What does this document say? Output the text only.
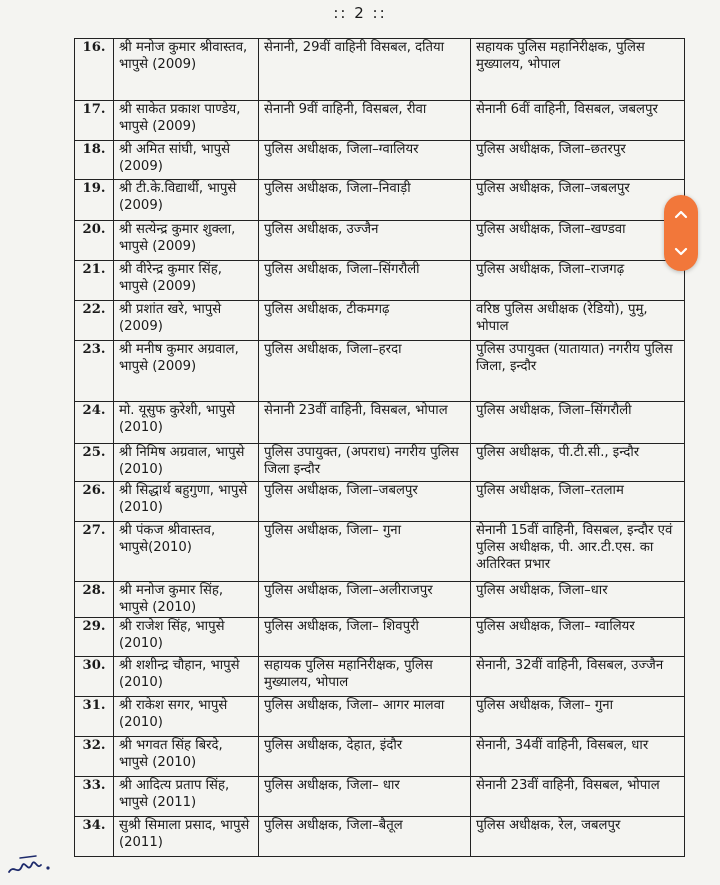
:: 2 ::
16.	श्री मनोज कुमार श्रीवास्तव, भापुसे (2009)	सेनानी, 29वीं वाहिनी विसबल, दतिया	सहायक पुलिस महानिरीक्षक, पुलिस मुख्यालय, भोपाल
17.	श्री साकेत प्रकाश पाण्डेय, भापुसे (2009)	सेनानी 9वीं वाहिनी, विसबल, रीवा	सेनानी 6वीं वाहिनी, विसबल, जबलपुर
18.	श्री अमित सांघी, भापुसे (2009)	पुलिस अधीक्षक, जिला–ग्वालियर	पुलिस अधीक्षक, जिला–छतरपुर
19.	श्री टी.के.विद्यार्थी, भापुसे (2009)	पुलिस अधीक्षक, जिला–निवाड़ी	पुलिस अधीक्षक, जिला–जबलपुर
20.	श्री सत्येन्द्र कुमार शुक्ला, भापुसे (2009)	पुलिस अधीक्षक, उज्जैन	पुलिस अधीक्षक, जिला–खण्डवा
21.	श्री वीरेन्द्र कुमार सिंह, भापुसे (2009)	पुलिस अधीक्षक, जिला–सिंगरौली	पुलिस अधीक्षक, जिला–राजगढ़
22.	श्री प्रशांत खरे, भापुसे (2009)	पुलिस अधीक्षक, टीकमगढ़	वरिष्ठ पुलिस अधीक्षक (रेडियो), पुमु, भोपाल
23.	श्री मनीष कुमार अग्रवाल, भापुसे (2009)	पुलिस अधीक्षक, जिला–हरदा	पुलिस उपायुक्त (यातायात) नगरीय पुलिस जिला, इन्दौर
24.	मो. यूसुफ कुरेशी, भापुसे (2010)	सेनानी 23वीं वाहिनी, विसबल, भोपाल	पुलिस अधीक्षक, जिला–सिंगरौली
25.	श्री निमिष अग्रवाल, भापुसे (2010)	पुलिस उपायुक्त, (अपराध) नगरीय पुलिस जिला इन्दौर	पुलिस अधीक्षक, पी.टी.सी., इन्दौर
26.	श्री सिद्धार्थ बहुगुणा, भापुसे (2010)	पुलिस अधीक्षक, जिला–जबलपुर	पुलिस अधीक्षक, जिला–रतलाम
27.	श्री पंकज श्रीवास्तव, भापुसे(2010)	पुलिस अधीक्षक, जिला– गुना	सेनानी 15वीं वाहिनी, विसबल, इन्दौर एवं पुलिस अधीक्षक, पी. आर.टी.एस. का अतिरिक्त प्रभार
28.	श्री मनोज कुमार सिंह, भापुसे (2010)	पुलिस अधीक्षक, जिला–अलीराजपुर	पुलिस अधीक्षक, जिला–धार
29.	श्री राजेश सिंह, भापुसे (2010)	पुलिस अधीक्षक, जिला– शिवपुरी	पुलिस अधीक्षक, जिला– ग्वालियर
30.	श्री शशीन्द्र चौहान, भापुसे (2010)	सहायक पुलिस महानिरीक्षक, पुलिस मुख्यालय, भोपाल	सेनानी, 32वीं वाहिनी, विसबल, उज्जैन
31.	श्री राकेश सगर, भापुसे (2010)	पुलिस अधीक्षक, जिला– आगर मालवा	पुलिस अधीक्षक, जिला– गुना
32.	श्री भगवत सिंह बिरदे, भापुसे (2010)	पुलिस अधीक्षक, देहात, इंदौर	सेनानी, 34वीं वाहिनी, विसबल, धार
33.	श्री आदित्य प्रताप सिंह, भापुसे (2011)	पुलिस अधीक्षक, जिला– धार	सेनानी 23वीं वाहिनी, विसबल, भोपाल
34.	सुश्री सिमाला प्रसाद, भापुसे (2011)	पुलिस अधीक्षक, जिला–बैतूल	पुलिस अधीक्षक, रेल, जबलपुर
